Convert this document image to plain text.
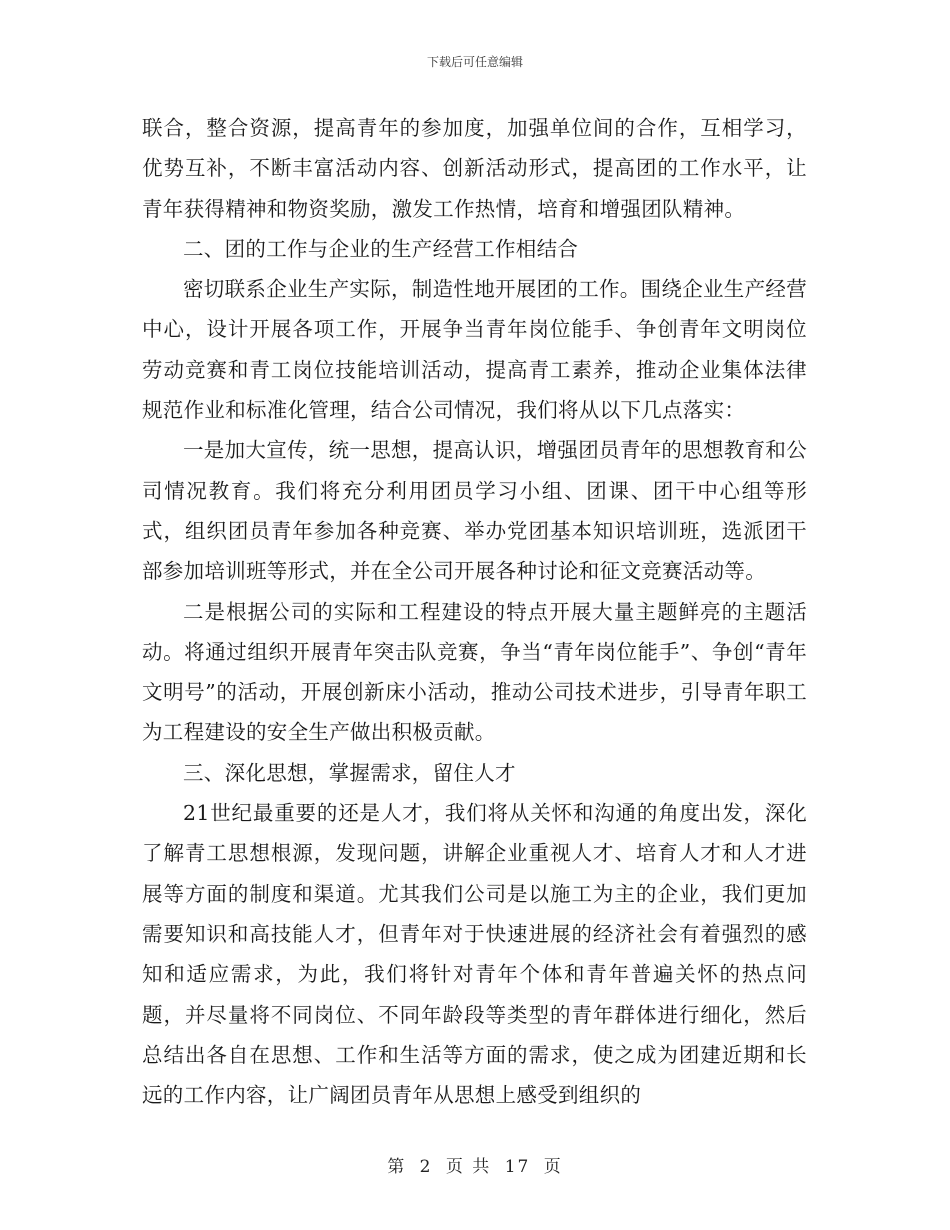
下载后可任意编辑

联合，整合资源，提高青年的参加度，加强单位间的合作，互相学习，优势互补，不断丰富活动内容、创新活动形式，提高团的工作水平，让青年获得精神和物资奖励，激发工作热情，培育和增强团队精神。

二、团的工作与企业的生产经营工作相结合

密切联系企业生产实际，制造性地开展团的工作。围绕企业生产经营中心，设计开展各项工作，开展争当青年岗位能手、争创青年文明岗位劳动竞赛和青工岗位技能培训活动，提高青工素养，推动企业集体法律规范作业和标准化管理，结合公司情况，我们将从以下几点落实：

一是加大宣传，统一思想，提高认识，增强团员青年的思想教育和公司情况教育。我们将充分利用团员学习小组、团课、团干中心组等形式，组织团员青年参加各种竞赛、举办党团基本知识培训班，选派团干部参加培训班等形式，并在全公司开展各种讨论和征文竞赛活动等。

二是根据公司的实际和工程建设的特点开展大量主题鲜亮的主题活动。将通过组织开展青年突击队竞赛，争当“青年岗位能手”、争创“青年文明号”的活动，开展创新床小活动，推动公司技术进步，引导青年职工为工程建设的安全生产做出积极贡献。

三、深化思想，掌握需求，留住人才

21世纪最重要的还是人才，我们将从关怀和沟通的角度出发，深化了解青工思想根源，发现问题，讲解企业重视人才、培育人才和人才进展等方面的制度和渠道。尤其我们公司是以施工为主的企业，我们更加需要知识和高技能人才，但青年对于快速进展的经济社会有着强烈的感知和适应需求，为此，我们将针对青年个体和青年普遍关怀的热点问题，并尽量将不同岗位、不同年龄段等类型的青年群体进行细化，然后总结出各自在思想、工作和生活等方面的需求，使之成为团建近期和长远的工作内容，让广阔团员青年从思想上感受到组织的

第 2 页 共 17 页
